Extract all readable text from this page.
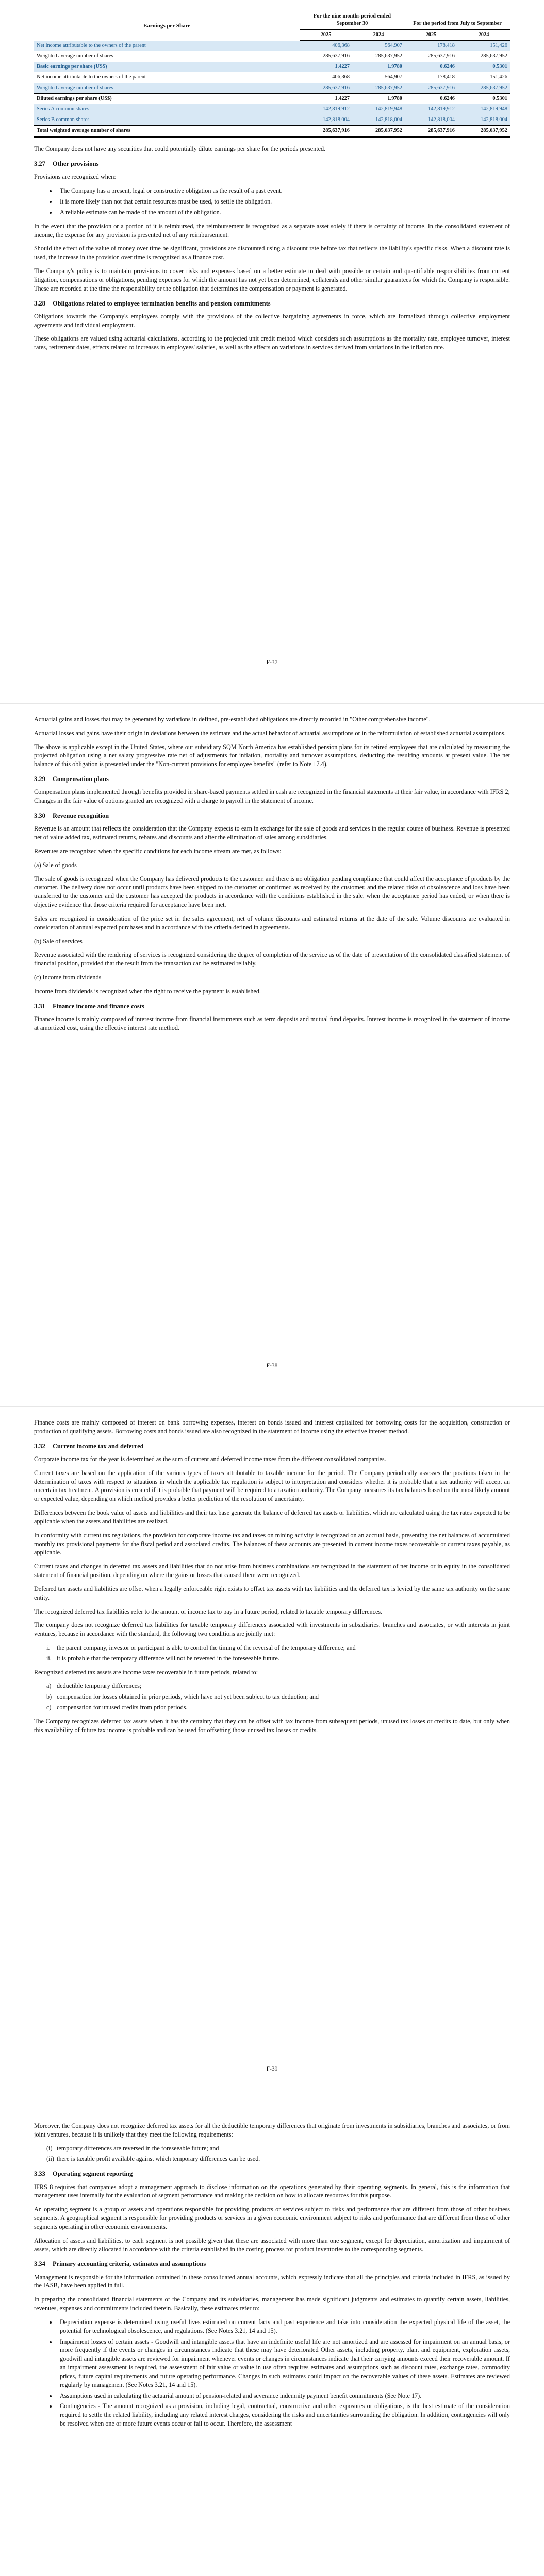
Earnings per Share	For the nine months period ended September 30		For the period from July to September	
	2025	2024	2025	2024
Net income attributable to the owners of the parent	406,368	564,907	178,418	151,426
Weighted average number of shares	285,637,916	285,637,952	285,637,916	285,637,952
Basic earnings per share (US$)	1.4227	1.9780	0.6246	0.5301
Net income attributable to the owners of the parent	406,368	564,907	178,418	151,426
Weighted average number of shares	285,637,916	285,637,952	285,637,916	285,637,952
Diluted earnings per share (US$)	1.4227	1.9780	0.6246	0.5301
Series A common shares	142,819,912	142,819,948	142,819,912	142,819,948
Series B common shares	142,818,004	142,818,004	142,818,004	142,818,004
Total weighted average number of shares	285,637,916	285,637,952	285,637,916	285,637,952

The Company does not have any securities that could potentially dilute earnings per share for the periods presented.

3.27 Other provisions

Provisions are recognized when:

• The Company has a present, legal or constructive obligation as the result of a past event.
• It is more likely than not that certain resources must be used, to settle the obligation.
• A reliable estimate can be made of the amount of the obligation.

In the event that the provision or a portion of it is reimbursed, the reimbursement is recognized as a separate asset solely if there is certainty of income. In the consolidated statement of income, the expense for any provision is presented net of any reimbursement.

Should the effect of the value of money over time be significant, provisions are discounted using a discount rate before tax that reflects the liability's specific risks. When a discount rate is used, the increase in the provision over time is recognized as a finance cost.

The Company's policy is to maintain provisions to cover risks and expenses based on a better estimate to deal with possible or certain and quantifiable responsibilities from current litigation, compensations or obligations, pending expenses for which the amount has not yet been determined, collaterals and other similar guarantees for which the Company is responsible. These are recorded at the time the responsibility or the obligation that determines the compensation or payment is generated.

3.28 Obligations related to employee termination benefits and pension commitments

Obligations towards the Company's employees comply with the provisions of the collective bargaining agreements in force, which are formalized through collective employment agreements and individual employment.

These obligations are valued using actuarial calculations, according to the projected unit credit method which considers such assumptions as the mortality rate, employee turnover, interest rates, retirement dates, effects related to increases in employees' salaries, as well as the effects on variations in services derived from variations in the inflation rate.

F-37

Actuarial gains and losses that may be generated by variations in defined, pre-established obligations are directly recorded in "Other comprehensive income".

Actuarial losses and gains have their origin in deviations between the estimate and the actual behavior of actuarial assumptions or in the reformulation of established actuarial assumptions.

The above is applicable except in the United States, where our subsidiary SQM North America has established pension plans for its retired employees that are calculated by measuring the projected obligation using a net salary progressive rate net of adjustments for inflation, mortality and turnover assumptions, deducting the resulting amounts at present value. The net balance of this obligation is presented under the "Non-current provisions for employee benefits" (refer to Note 17.4).

3.29 Compensation plans

Compensation plans implemented through benefits provided in share-based payments settled in cash are recognized in the financial statements at their fair value, in accordance with IFRS 2; Changes in the fair value of options granted are recognized with a charge to payroll in the statement of income.

3.30 Revenue recognition

Revenue is an amount that reflects the consideration that the Company expects to earn in exchange for the sale of goods and services in the regular course of business. Revenue is presented net of value added tax, estimated returns, rebates and discounts and after the elimination of sales among subsidiaries.

Revenues are recognized when the specific conditions for each income stream are met, as follows:

(a) Sale of goods

The sale of goods is recognized when the Company has delivered products to the customer, and there is no obligation pending compliance that could affect the acceptance of products by the customer. The delivery does not occur until products have been shipped to the customer or confirmed as received by the customer, and the related risks of obsolescence and loss have been transferred to the customer and the customer has accepted the products in accordance with the conditions established in the sale, when the acceptance period has ended, or when there is objective evidence that those criteria required for acceptance have been met.

Sales are recognized in consideration of the price set in the sales agreement, net of volume discounts and estimated returns at the date of the sale. Volume discounts are evaluated in consideration of annual expected purchases and in accordance with the criteria defined in agreements.

(b) Sale of services

Revenue associated with the rendering of services is recognized considering the degree of completion of the service as of the date of presentation of the consolidated classified statement of financial position, provided that the result from the transaction can be estimated reliably.

(c) Income from dividends

Income from dividends is recognized when the right to receive the payment is established.

3.31 Finance income and finance costs

Finance income is mainly composed of interest income from financial instruments such as term deposits and mutual fund deposits. Interest income is recognized in the statement of income at amortized cost, using the effective interest rate method.

F-38

Finance costs are mainly composed of interest on bank borrowing expenses, interest on bonds issued and interest capitalized for borrowing costs for the acquisition, construction or production of qualifying assets. Borrowing costs and bonds issued are also recognized in the statement of income using the effective interest method.

3.32 Current income tax and deferred

Corporate income tax for the year is determined as the sum of current and deferred income taxes from the different consolidated companies.

Current taxes are based on the application of the various types of taxes attributable to taxable income for the period. The Company periodically assesses the positions taken in the determination of taxes with respect to situations in which the applicable tax regulation is subject to interpretation and considers whether it is probable that a tax authority will accept an uncertain tax treatment. A provision is created if it is probable that payment will be required to a taxation authority. The Company measures its tax balances based on the most likely amount or expected value, depending on which method provides a better prediction of the resolution of uncertainty.

Differences between the book value of assets and liabilities and their tax base generate the balance of deferred tax assets or liabilities, which are calculated using the tax rates expected to be applicable when the assets and liabilities are realized.

In conformity with current tax regulations, the provision for corporate income tax and taxes on mining activity is recognized on an accrual basis, presenting the net balances of accumulated monthly tax provisional payments for the fiscal period and associated credits. The balances of these accounts are presented in current income taxes recoverable or current taxes payable, as applicable.

Current taxes and changes in deferred tax assets and liabilities that do not arise from business combinations are recognized in the statement of net income or in equity in the consolidated statement of financial position, depending on where the gains or losses that caused them were recognized.

Deferred tax assets and liabilities are offset when a legally enforceable right exists to offset tax assets with tax liabilities and the deferred tax is levied by the same tax authority on the same entity.

The recognized deferred tax liabilities refer to the amount of income tax to pay in a future period, related to taxable temporary differences.

The company does not recognize deferred tax liabilities for taxable temporary differences associated with investments in subsidiaries, branches and associates, or with interests in joint ventures, because in accordance with the standard, the following two conditions are jointly met:

i.	the parent company, investor or participant is able to control the timing of the reversal of the temporary difference; and
ii. it is probable that the temporary difference will not be reversed in the foreseeable future.

Recognized deferred tax assets are income taxes recoverable in future periods, related to:

a) deductible temporary differences;
b) compensation for losses obtained in prior periods, which have not yet been subject to tax deduction; and
c) compensation for unused credits from prior periods.

The Company recognizes deferred tax assets when it has the certainty that they can be offset with tax income from subsequent periods, unused tax losses or credits to date, but only when this availability of future tax income is probable and can be used for offsetting those unused tax losses or credits.

F-39

Moreover, the Company does not recognize deferred tax assets for all the deductible temporary differences that originate from investments in subsidiaries, branches and associates, or from joint ventures, because it is unlikely that they meet the following requirements:

(i) temporary differences are reversed in the foreseeable future; and
(ii) there is taxable profit available against which temporary differences can be used.
3.33 Operating segment reporting

IFRS 8 requires that companies adopt a management approach to disclose information on the operations generated by their operating segments. In general, this is the information that management uses internally for the evaluation of segment performance and making the decision on how to allocate resources for this purpose.

An operating segment is a group of assets and operations responsible for providing products or services subject to risks and performance that are different from those of other business segments. A geographical segment is responsible for providing products or services in a given economic environment subject to risks and performance that are different from those of other segments operating in other economic environments.

Allocation of assets and liabilities, to each segment is not possible given that these are associated with more than one segment, except for depreciation, amortization and impairment of assets, which are directly allocated in accordance with the criteria established in the costing process for product inventories to the corresponding segments.

3.34 Primary accounting criteria, estimates and assumptions

Management is responsible for the information contained in these consolidated annual accounts, which expressly indicate that all the principles and criteria included in IFRS, as issued by the IASB, have been applied in full.

In preparing the consolidated financial statements of the Company and its subsidiaries, management has made significant judgments and estimates to quantify certain assets, liabilities, revenues, expenses and commitments included therein. Basically, these estimates refer to:

• Depreciation expense is determined using useful lives estimated on current facts and past experience and take into consideration the expected physical life of the asset, the potential for technological obsolescence, and regulations. (See Notes 3.21, 14 and 15).
• Impairment losses of certain assets - Goodwill and intangible assets that have an indefinite useful life are not amortized and are assessed for impairment on an annual basis, or more frequently if the events or changes in circumstances indicate that these may have deteriorated Other assets, including property, plant and equipment, exploration assets, goodwill and intangible assets are reviewed for impairment whenever events or changes in circumstances indicate that their carrying amounts exceed their recoverable amount. If an impairment assessment is required, the assessment of fair value or value in use often requires estimates and assumptions such as discount rates, exchange rates, commodity prices, future capital requirements and future operating performance. Changes in such estimates could impact on the recoverable values of these assets. Estimates are reviewed regularly by management (See Notes 3.21, 14 and 15).
• Assumptions used in calculating the actuarial amount of pension-related and severance indemnity payment benefit commitments (See Note 17).
• Contingencies - The amount recognized as a provision, including legal, contractual, constructive and other exposures or obligations, is the best estimate of the consideration required to settle the related liability, including any related interest charges, considering the risks and uncertainties surrounding the obligation. In addition, contingencies will only be resolved when one or more future events occur or fail to occur. Therefore, the assessment
